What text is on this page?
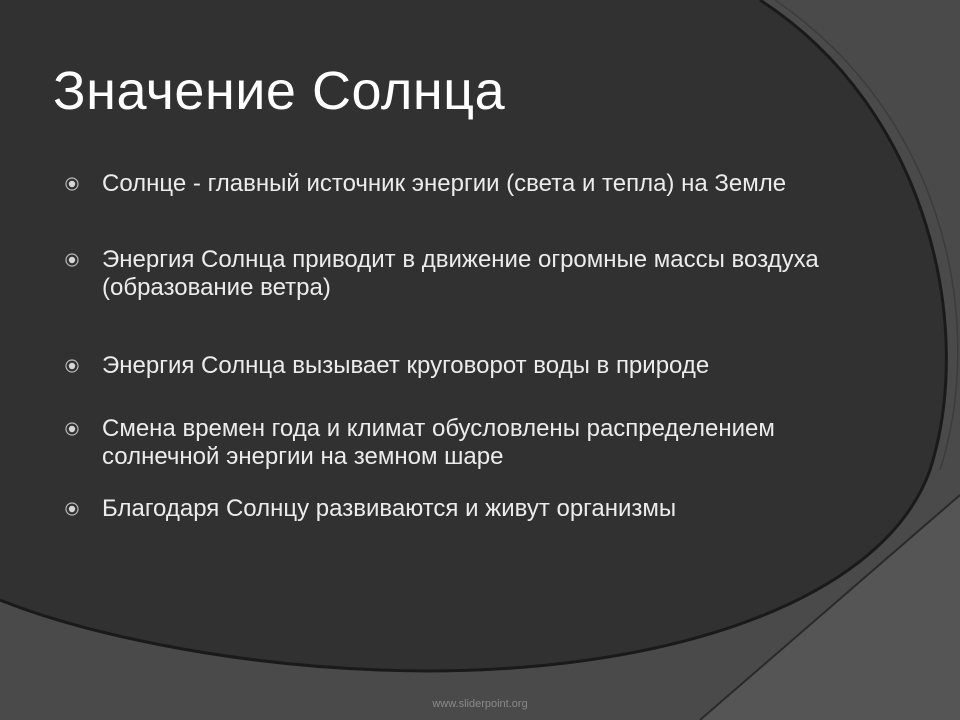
Значение Солнца
Солнце - главный источник энергии (света и тепла) на Земле
Энергия Солнца приводит в движение огромные массы воздуха (образование ветра)
Энергия Солнца вызывает круговорот воды в природе
Смена времен года и климат обусловлены распределением солнечной энергии на земном шаре
Благодаря Солнцу развиваются и живут организмы
www.sliderpoint.org
